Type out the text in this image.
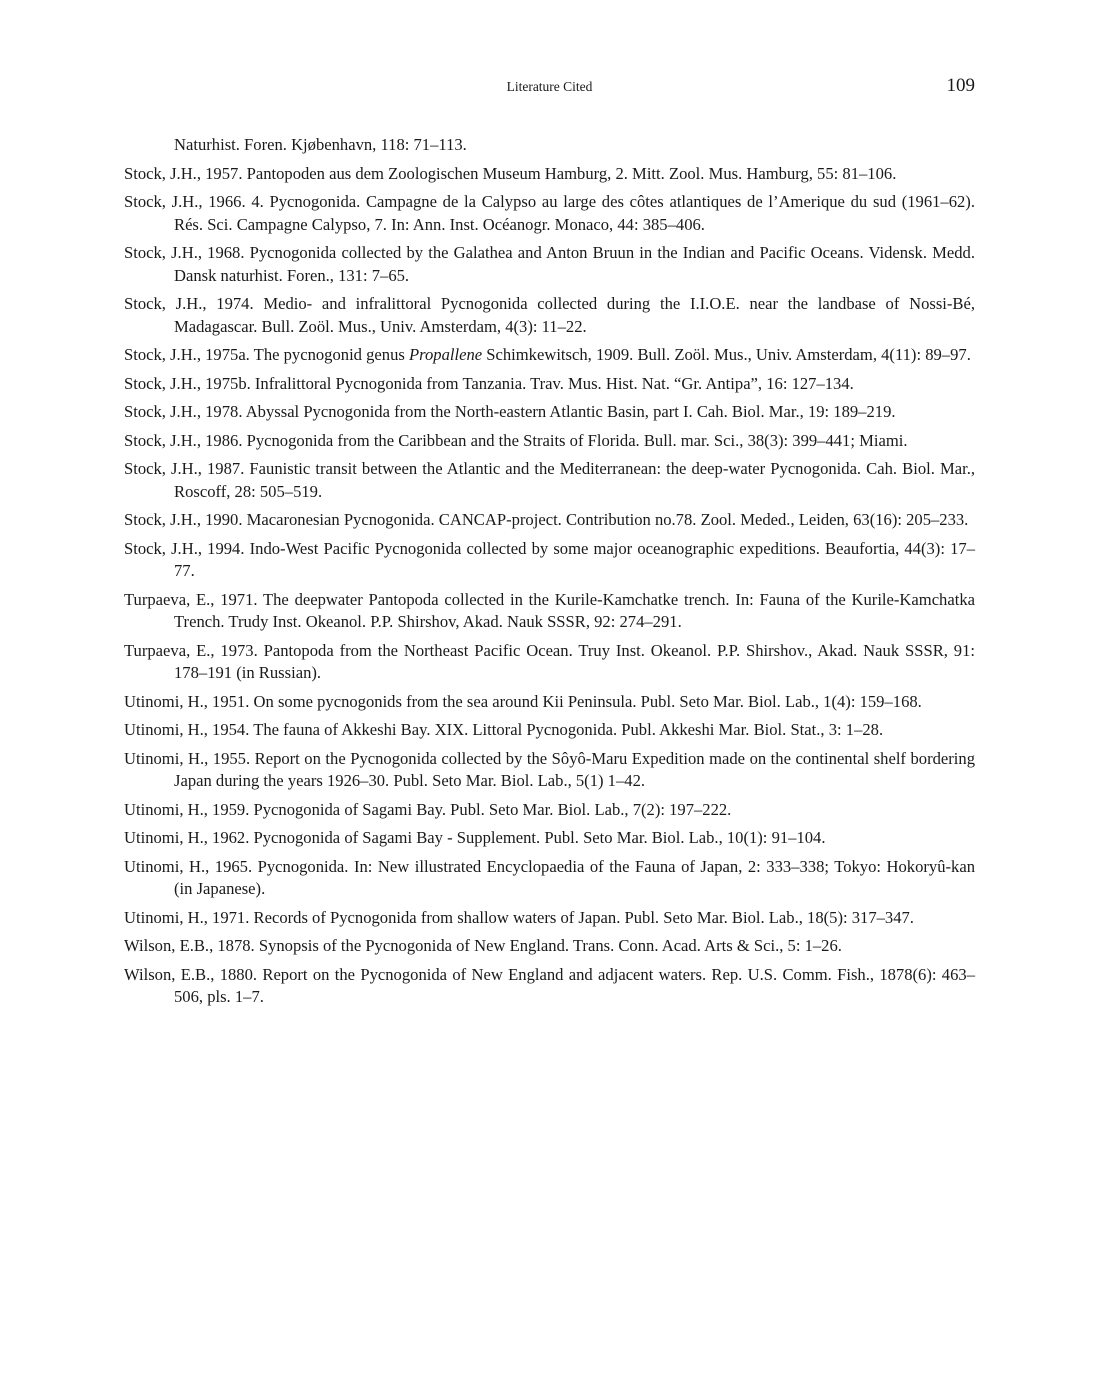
Literature Cited	109
Naturhist. Foren. Kjøbenhavn, 118: 71–113.
Stock, J.H., 1957. Pantopoden aus dem Zoologischen Museum Hamburg, 2. Mitt. Zool. Mus. Hamburg, 55: 81–106.
Stock, J.H., 1966. 4. Pycnogonida. Campagne de la Calypso au large des côtes atlantiques de l’Amerique du sud (1961–62). Rés. Sci. Campagne Calypso, 7. In: Ann. Inst. Océanogr. Monaco, 44: 385–406.
Stock, J.H., 1968. Pycnogonida collected by the Galathea and Anton Bruun in the Indian and Pacific Oceans. Vidensk. Medd. Dansk naturhist. Foren., 131: 7–65.
Stock, J.H., 1974. Medio- and infralittoral Pycnogonida collected during the I.I.O.E. near the landbase of Nossi-Bé, Madagascar. Bull. Zoöl. Mus., Univ. Amsterdam, 4(3): 11–22.
Stock, J.H., 1975a. The pycnogonid genus Propallene Schimkewitsch, 1909. Bull. Zoöl. Mus., Univ. Amsterdam, 4(11): 89–97.
Stock, J.H., 1975b. Infralittoral Pycnogonida from Tanzania. Trav. Mus. Hist. Nat. “Gr. Antipa”, 16: 127–134.
Stock, J.H., 1978. Abyssal Pycnogonida from the North-eastern Atlantic Basin, part I. Cah. Biol. Mar., 19: 189–219.
Stock, J.H., 1986. Pycnogonida from the Caribbean and the Straits of Florida. Bull. mar. Sci., 38(3): 399–441; Miami.
Stock, J.H., 1987. Faunistic transit between the Atlantic and the Mediterranean: the deep-water Pycnogonida. Cah. Biol. Mar., Roscoff, 28: 505–519.
Stock, J.H., 1990. Macaronesian Pycnogonida. CANCAP-project. Contribution no.78. Zool. Meded., Leiden, 63(16): 205–233.
Stock, J.H., 1994. Indo-West Pacific Pycnogonida collected by some major oceanographic expeditions. Beaufortia, 44(3): 17–77.
Turpaeva, E., 1971. The deepwater Pantopoda collected in the Kurile-Kamchatke trench. In: Fauna of the Kurile-Kamchatka Trench. Trudy Inst. Okeanol. P.P. Shirshov, Akad. Nauk SSSR, 92: 274–291.
Turpaeva, E., 1973. Pantopoda from the Northeast Pacific Ocean. Truy Inst. Okeanol. P.P. Shirshov., Akad. Nauk SSSR, 91: 178–191 (in Russian).
Utinomi, H., 1951. On some pycnogonids from the sea around Kii Peninsula. Publ. Seto Mar. Biol. Lab., 1(4): 159–168.
Utinomi, H., 1954. The fauna of Akkeshi Bay. XIX. Littoral Pycnogonida. Publ. Akkeshi Mar. Biol. Stat., 3: 1–28.
Utinomi, H., 1955. Report on the Pycnogonida collected by the Sôyô-Maru Expedition made on the continental shelf bordering Japan during the years 1926–30. Publ. Seto Mar. Biol. Lab., 5(1) 1–42.
Utinomi, H., 1959. Pycnogonida of Sagami Bay. Publ. Seto Mar. Biol. Lab., 7(2): 197–222.
Utinomi, H., 1962. Pycnogonida of Sagami Bay - Supplement. Publ. Seto Mar. Biol. Lab., 10(1): 91–104.
Utinomi, H., 1965. Pycnogonida. In: New illustrated Encyclopaedia of the Fauna of Japan, 2: 333–338; Tokyo: Hokoryû-kan (in Japanese).
Utinomi, H., 1971. Records of Pycnogonida from shallow waters of Japan. Publ. Seto Mar. Biol. Lab., 18(5): 317–347.
Wilson, E.B., 1878. Synopsis of the Pycnogonida of New England. Trans. Conn. Acad. Arts & Sci., 5: 1–26.
Wilson, E.B., 1880. Report on the Pycnogonida of New England and adjacent waters. Rep. U.S. Comm. Fish., 1878(6): 463–506, pls. 1–7.
